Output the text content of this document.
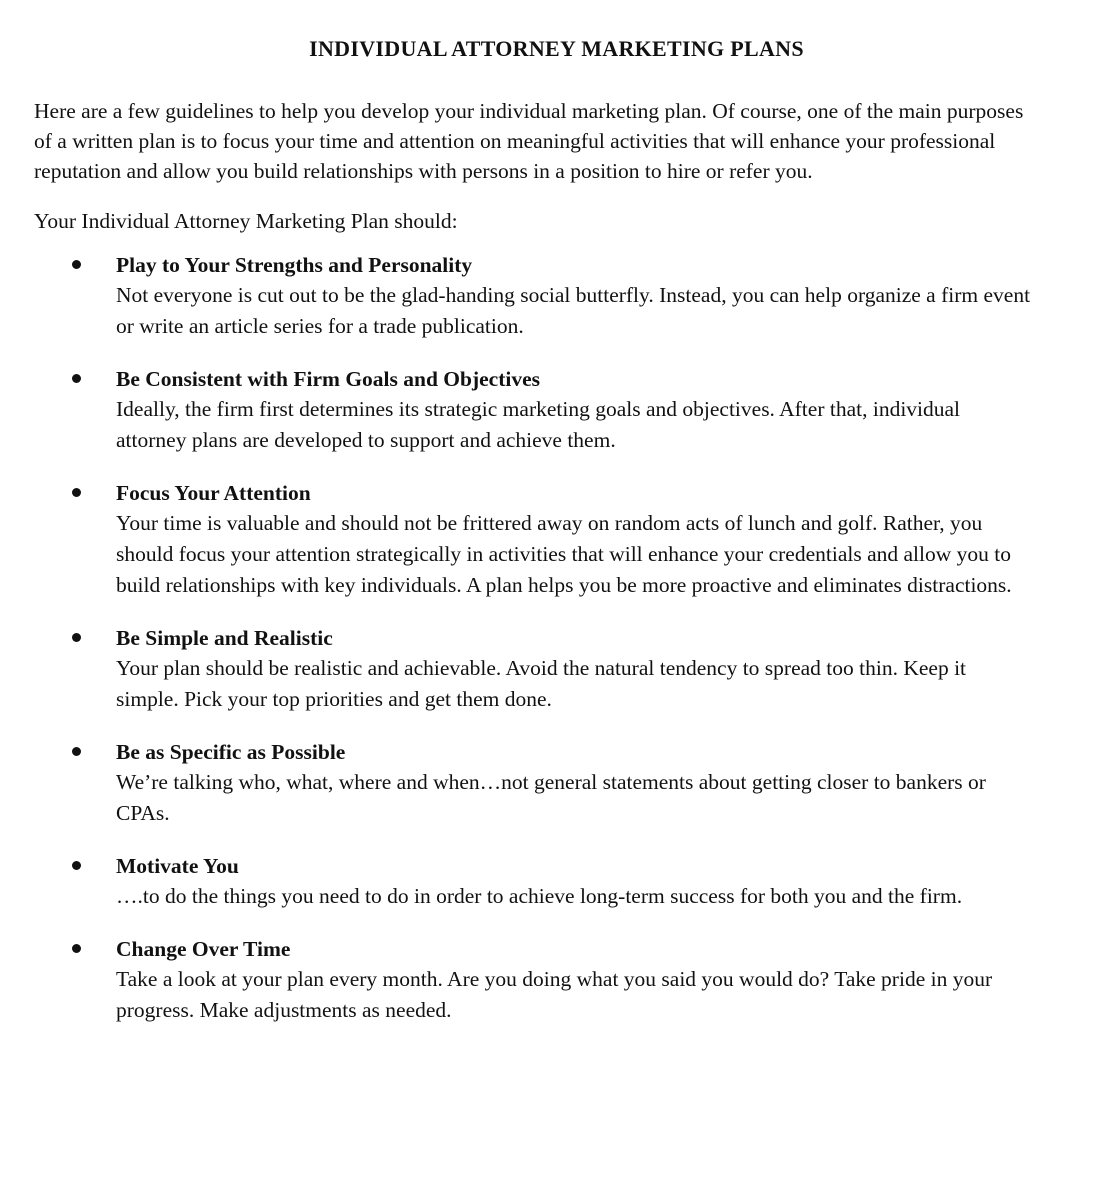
INDIVIDUAL ATTORNEY MARKETING PLANS

Here are a few guidelines to help you develop your individual marketing plan. Of course, one of the main purposes of a written plan is to focus your time and attention on meaningful activities that will enhance your professional reputation and allow you build relationships with persons in a position to hire or refer you.

Your Individual Attorney Marketing Plan should:

Play to Your Strengths and Personality

Not everyone is cut out to be the glad-handing social butterfly. Instead, you can help organize a firm event or write an article series for a trade publication.

Be Consistent with Firm Goals and Objectives

Ideally, the firm first determines its strategic marketing goals and objectives. After that, individual attorney plans are developed to support and achieve them.

Focus Your Attention

Your time is valuable and should not be frittered away on random acts of lunch and golf. Rather, you should focus your attention strategically in activities that will enhance your credentials and allow you to build relationships with key individuals. A plan helps you be more proactive and eliminates distractions.

Be Simple and Realistic

Your plan should be realistic and achievable. Avoid the natural tendency to spread too thin. Keep it simple. Pick your top priorities and get them done.

Be as Specific as Possible

We’re talking who, what, where and when…not general statements about getting closer to bankers or CPAs.

Motivate You

….to do the things you need to do in order to achieve long-term success for both you and the firm.

Change Over Time

Take a look at your plan every month. Are you doing what you said you would do? Take pride in your progress. Make adjustments as needed.
